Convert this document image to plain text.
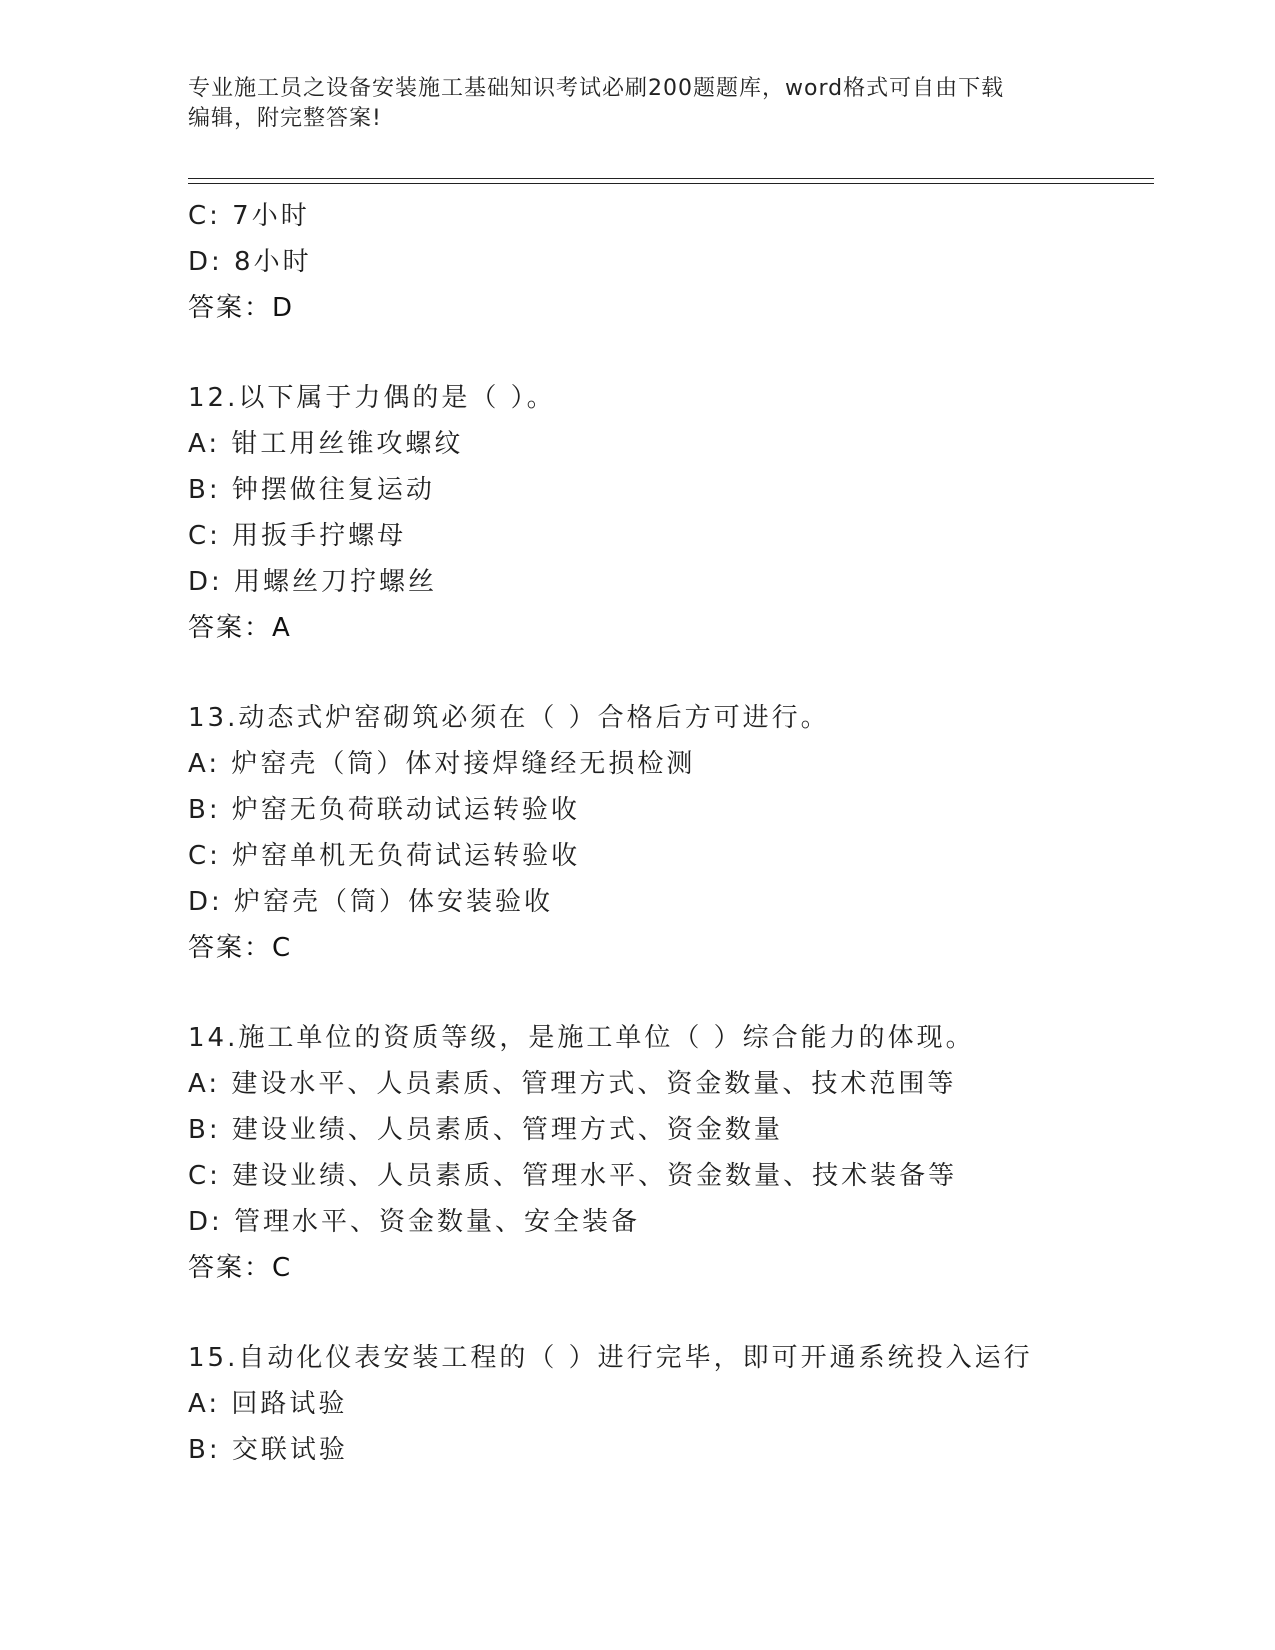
专业施工员之设备安装施工基础知识考试必刷200题题库，word格式可自由下载
编辑，附完整答案!
C: 7小时
D: 8小时
答案：D
12.以下属于力偶的是（ ）。
A: 钳工用丝锥攻螺纹
B: 钟摆做往复运动
C: 用扳手拧螺母
D: 用螺丝刀拧螺丝
答案：A
13.动态式炉窑砌筑必须在（ ）合格后方可进行。
A: 炉窑壳（筒）体对接焊缝经无损检测
B: 炉窑无负荷联动试运转验收
C: 炉窑单机无负荷试运转验收
D: 炉窑壳（筒）体安装验收
答案：C
14.施工单位的资质等级，是施工单位（ ）综合能力的体现。
A: 建设水平、人员素质、管理方式、资金数量、技术范围等
B: 建设业绩、人员素质、管理方式、资金数量
C: 建设业绩、人员素质、管理水平、资金数量、技术装备等
D: 管理水平、资金数量、安全装备
答案：C
15.自动化仪表安装工程的（ ）进行完毕，即可开通系统投入运行
A: 回路试验
B: 交联试验
